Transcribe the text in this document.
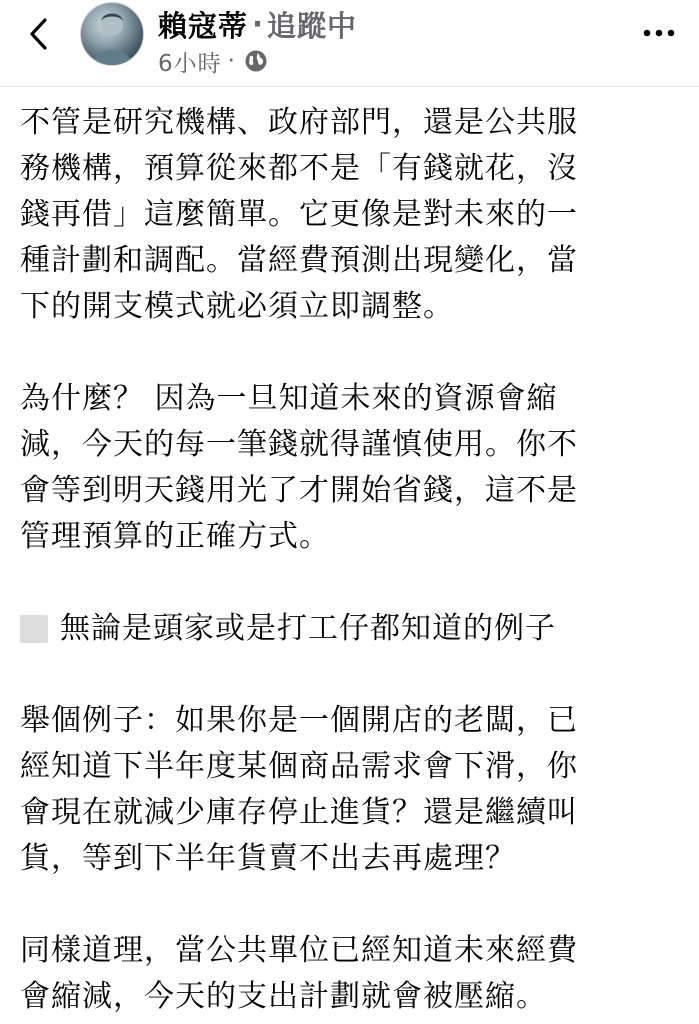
賴寇蒂 · 追蹤中
6小時 ·

不管是研究機構、政府部門，還是公共服
務機構，預算從來都不是「有錢就花，沒
錢再借」這麼簡單。它更像是對未來的一
種計劃和調配。當經費預測出現變化，當
下的開支模式就必須立即調整。

為什麼？ 因為一旦知道未來的資源會縮
減，今天的每一筆錢就得謹慎使用。你不
會等到明天錢用光了才開始省錢，這不是
管理預算的正確方式。

無論是頭家或是打工仔都知道的例子

舉個例子：如果你是一個開店的老闆，已
經知道下半年度某個商品需求會下滑，你
會現在就減少庫存停止進貨？還是繼續叫
貨，等到下半年貨賣不出去再處理？

同樣道理，當公共單位已經知道未來經費
會縮減，今天的支出計劃就會被壓縮。
